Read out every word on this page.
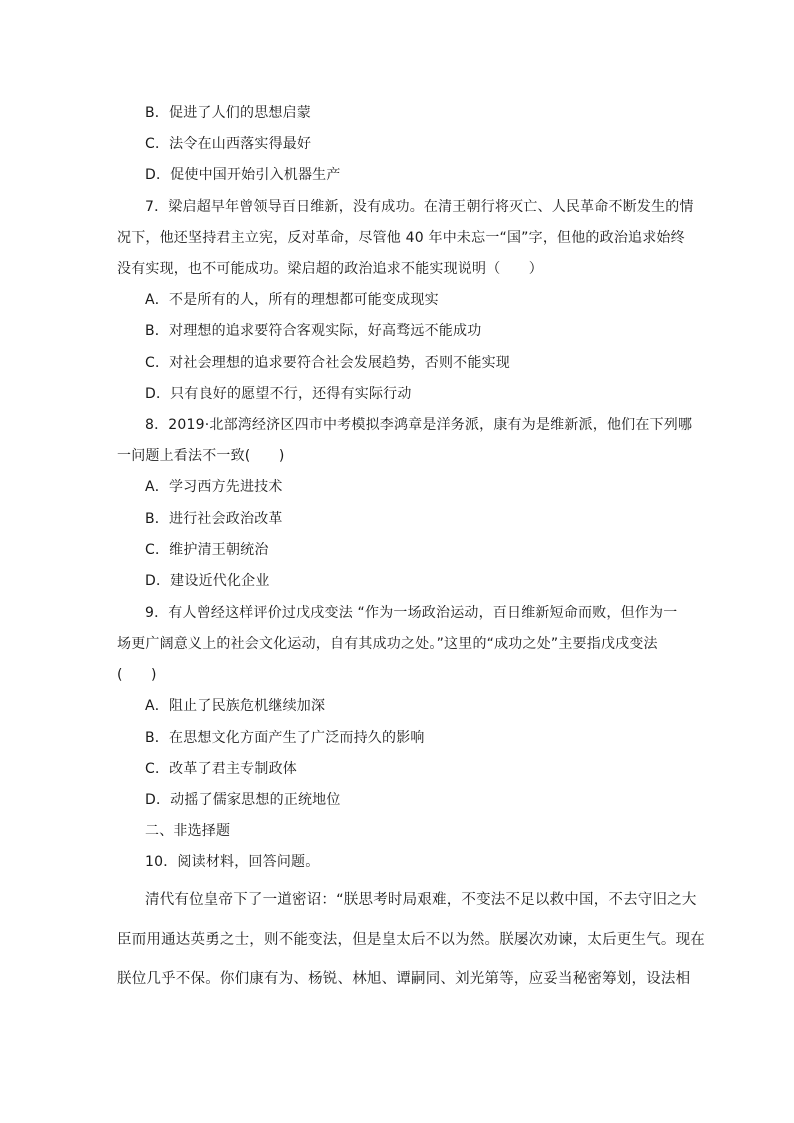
B．促进了人们的思想启蒙
C．法令在山西落实得最好
D．促使中国开始引入机器生产
7．梁启超早年曾领导百日维新，没有成功。在清王朝行将灭亡、人民革命不断发生的情
况下，他还坚持君主立宪，反对革命，尽管他 40 年中未忘一“国”字，但他的政治追求始终
没有实现，也不可能成功。梁启超的政治追求不能实现说明（　　）
A．不是所有的人，所有的理想都可能变成现实
B．对理想的追求要符合客观实际，好高骛远不能成功
C．对社会理想的追求要符合社会发展趋势，否则不能实现
D．只有良好的愿望不行，还得有实际行动
8．2019·北部湾经济区四市中考模拟李鸿章是洋务派，康有为是维新派，他们在下列哪
一问题上看法不一致(　　)
A．学习西方先进技术
B．进行社会政治改革
C．维护清王朝统治
D．建设近代化企业
9．有人曾经这样评价过戊戌变法 “作为一场政治运动，百日维新短命而败，但作为一
场更广阔意义上的社会文化运动，自有其成功之处。”这里的“成功之处”主要指戊戌变法
(　　)
A．阻止了民族危机继续加深
B．在思想文化方面产生了广泛而持久的影响
C．改革了君主专制政体
D．动摇了儒家思想的正统地位
二、非选择题
10．阅读材料，回答问题。
清代有位皇帝下了一道密诏：“朕思考时局艰难，不变法不足以救中国，不去守旧之大
臣而用通达英勇之士，则不能变法，但是皇太后不以为然。朕屡次劝谏，太后更生气。现在
朕位几乎不保。你们康有为、杨锐、林旭、谭嗣同、刘光第等，应妥当秘密筹划，设法相
